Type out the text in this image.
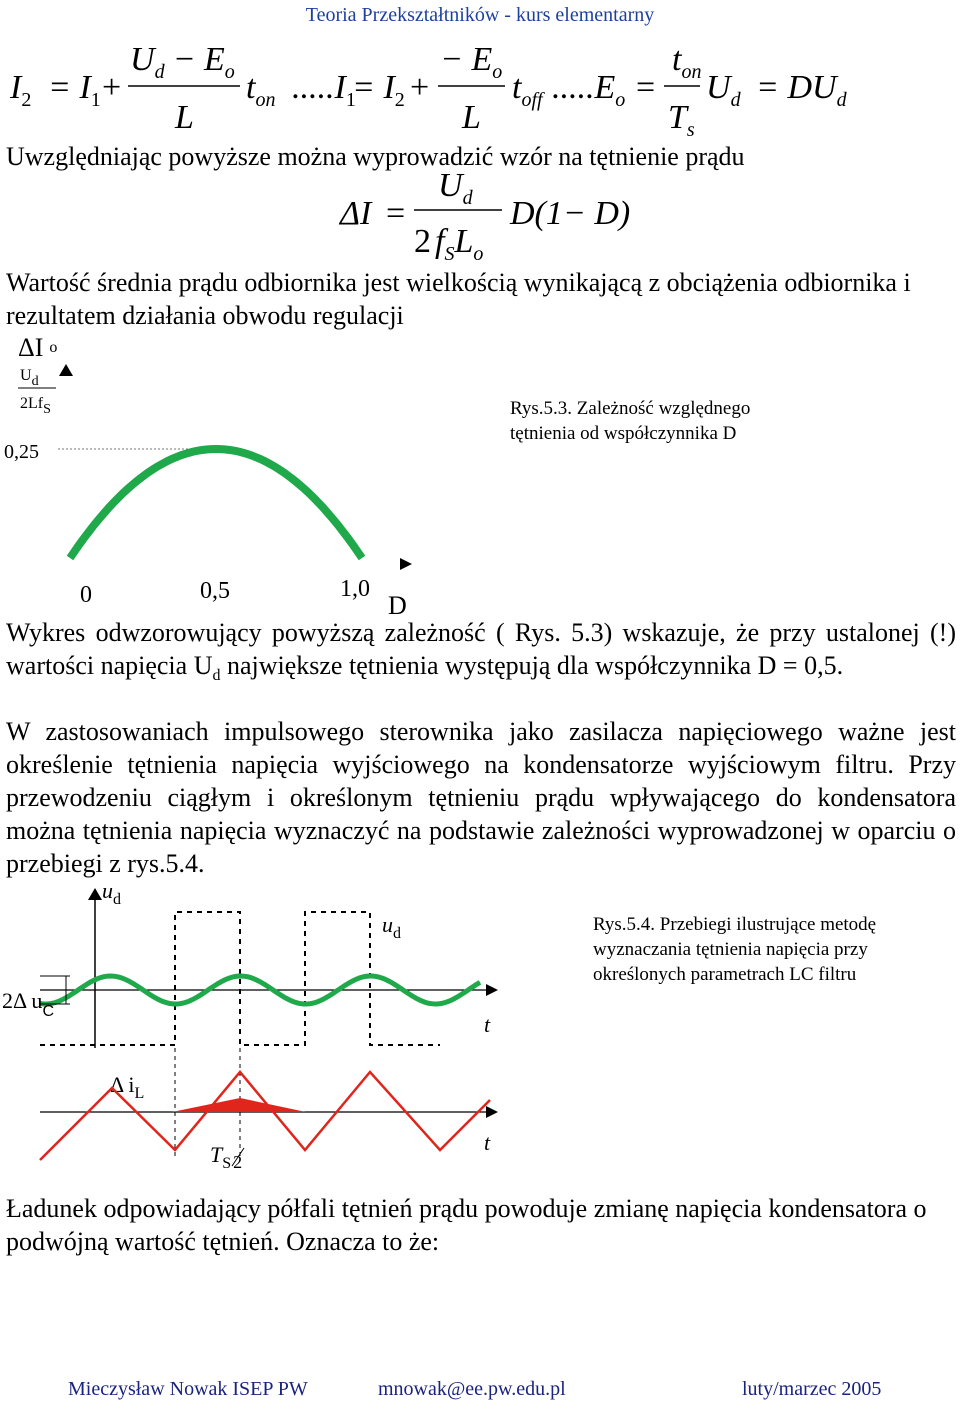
Teoria Przekształtników - kurs elementarny
$I_2 = I_1$ +
$U_d - E_o$
L
$t_{on}$ $.....I_1$
= $I_2$ +
− $E_o$
L
$t_{off}$ $.....E_o$ =
$t_{on}$
$T_s$
$U_d = DU_d$

Uwzględniając powyższe można wyprowadzić wzór na tętnienie prądu

ΔI =
$U_d$
2 $f_SL_o$
D(1− D)

Wartość średnia prądu odbiornika jest wielkością wynikającą z obciążenia odbiornika i rezultatem działania obwodu regulacji

Rys.5.3. Zależność względnego tętnienia od współczynnika D
ΔI $^o$
Ud
2LfS
0,25
0	0,5	1,0
D

Wykres odwzorowujący powyższą zależność ( Rys. 5.3) wskazuje, że przy ustalonej (!) wartości napięcia $U_d$ największe tętnienia występują dla współczynnika D = 0,5.

W zastosowaniach impulsowego sterownika jako zasilacza napięciowego ważne jest określenie tętnienia napięcia wyjściowego na kondensatorze wyjściowym filtru. Przy przewodzeniu ciągłym i określonym tętnieniu prądu wpływającego do kondensatora można tętnienia napięcia wyznaczyć na podstawie zależności wyprowadzonej w oparciu o przebiegi z rys.5.4.

Rys.5.4. Przebiegi ilustrujące metodę wyznaczania tętnienia napięcia przy określonych parametrach LC filtru
$u_d$
$u_d$
t
2Δ $u_C$
Δ $i_L$
t
$T_S$ 2

Ładunek odpowiadający półfali tętnień prądu powoduje zmianę napięcia kondensatora o podwójną wartość tętnień. Oznacza to że:

Mieczysław Nowak ISEP PW	mnowak@ee.pw.edu.pl	luty/marzec 2005
